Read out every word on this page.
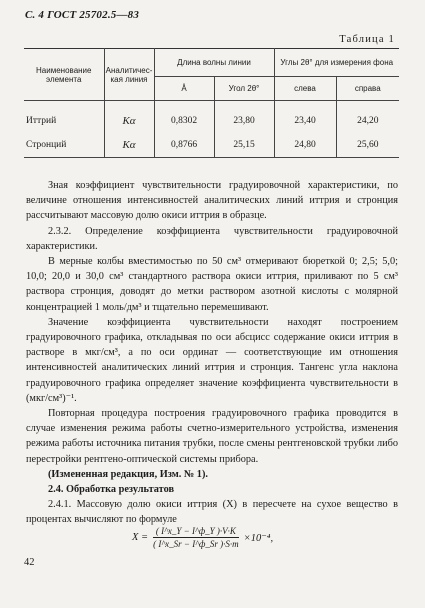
С. 4 ГОСТ 25702.5—83
Таблица 1
Наименование элемента	Аналитичес-кая линия	Длина волны линии		Углы 2θ° для измерения фона	
		Å	Угол 2θ°	слева	справа
Иттрий	Kα	0,8302	23,80	23,40	24,20
Стронций	Kα	0,8766	25,15	24,80	25,60

Зная коэффициент чувствительности градуировочной характеристики, по величине отношения интенсивностей аналитических линий иттрия и стронция рассчитывают массовую долю окиси иттрия в образце.

2.3.2. Определение коэффициента чувствительности градуировочной характеристики.

В мерные колбы вместимостью по 50 см³ отмеривают бюреткой 0; 2,5; 5,0; 10,0; 20,0 и 30,0 см³ стандартного раствора окиси иттрия, приливают по 5 см³ раствора стронция, доводят до метки раствором азотной кислоты с молярной концентрацией 1 моль/дм³ и тщательно перемешивают.

Значение коэффициента чувствительности находят построением градуировочного графика, откладывая по оси абсцисс содержание окиси иттрия в растворе в мкг/см³, а по оси ординат — соответствующие им отношения интенсивностей аналитических линий иттрия и стронция. Тангенс угла наклона градуировочного графика определяет значение коэффициента чувствительности в (мкг/см³)⁻¹.

Повторная процедура построения градуировочного графика проводится в случае изменения режима работы счетно-измерительного устройства, изменения режима работы источника питания трубки, после смены рентгеновской трубки либо перестройки рентгено-оптической системы прибора.

(Измененная редакция, Изм. № 1).

2.4. Обработка результатов

2.4.1. Массовую долю окиси иттрия (X) в пересчете на сухое вещество в процентах вычисляют по формуле

$X = \frac{( I\^{}x\_Y - I\^{}ф\_Y )\cdot V\cdot K}{( I\^{}x\_Sr - I\^{}ф\_Sr )\cdot S\cdot m} \times 10^{-4}$,
42
